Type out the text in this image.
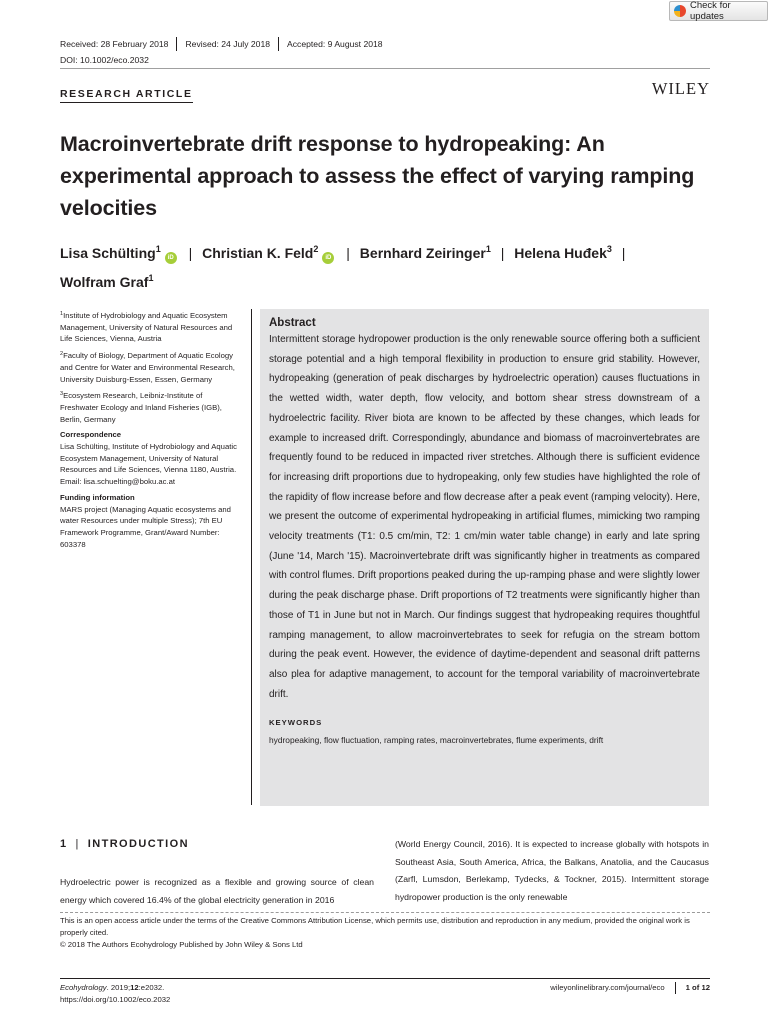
Check for updates
Received: 28 February 2018	Revised: 24 July 2018	Accepted: 9 August 2018
DOI: 10.1002/eco.2032
RESEARCH ARTICLE	WILEY
Macroinvertebrate drift response to hydropeaking: An experimental approach to assess the effect of varying ramping velocities
Lisa Schülting$^1$iD | Christian K. Feld$^2$iD | Bernhard Zeiringer$^1$ | Helena Huđek$^3$ |
Wolfram Graf$^1$

$^1$Institute of Hydrobiology and Aquatic Ecosystem Management, University of Natural Resources and Life Sciences, Vienna, Austria

$^2$Faculty of Biology, Department of Aquatic Ecology and Centre for Water and Environmental Research, University Duisburg-Essen, Essen, Germany

$^3$Ecosystem Research, Leibniz-Institute of Freshwater Ecology and Inland Fisheries (IGB), Berlin, Germany

Correspondence

Lisa Schülting, Institute of Hydrobiology and Aquatic Ecosystem Management, University of Natural Resources and Life Sciences, Vienna 1180, Austria.

Email: lisa.schuelting@boku.ac.at

Funding information

MARS project (Managing Aquatic ecosystems and water Resources under multiple Stress); 7th EU Framework Programme, Grant/Award Number: 603378

Abstract
Intermittent storage hydropower production is the only renewable source offering both a sufficient storage potential and a high temporal flexibility in production to ensure grid stability. However, hydropeaking (generation of peak discharges by hydroelectric operation) causes fluctuations in the wetted width, water depth, flow velocity, and bottom shear stress downstream of a hydroelectric facility. River biota are known to be affected by these changes, which leads for example to increased drift. Correspondingly, abundance and biomass of macroinvertebrates are frequently found to be reduced in impacted river stretches. Although there is sufficient evidence for increasing drift proportions due to hydropeaking, only few studies have highlighted the role of the rapidity of flow increase before and flow decrease after a peak event (ramping velocity). Here, we present the outcome of experimental hydropeaking in artificial flumes, mimicking two ramping velocity treatments (T1: 0.5 cm/min, T2: 1 cm/min water table change) in early and late spring (June '14, March '15). Macroinvertebrate drift was significantly higher in treatments as compared with control flumes. Drift proportions peaked during the up-ramping phase and were slightly lower during the peak discharge phase. Drift proportions of T2 treatments were significantly higher than those of T1 in June but not in March. Our findings suggest that hydropeaking requires thoughtful ramping management, to allow macroinvertebrates to seek for refugia on the stream bottom during the peak event. However, the evidence of daytime-dependent and seasonal drift patterns also plea for adaptive management, to account for the temporal variability of macroinvertebrate drift.
KEYWORDS
hydropeaking, flow fluctuation, ramping rates, macroinvertebrates, flume experiments, drift
1 | INTRODUCTION
Hydroelectric power is recognized as a flexible and growing source of clean energy which covered 16.4% of the global electricity generation in 2016
(World Energy Council, 2016). It is expected to increase globally with hotspots in Southeast Asia, South America, Africa, the Balkans, Anatolia, and the Caucasus (Zarfl, Lumsdon, Berlekamp, Tydecks, & Tockner, 2015). Intermittent storage hydropower production is the only renewable
This is an open access article under the terms of the Creative Commons Attribution License, which permits use, distribution and reproduction in any medium, provided the original work is properly cited.
© 2018 The Authors Ecohydrology Published by John Wiley & Sons Ltd
Ecohydrology. 2019;12:e2032.
https://doi.org/10.1002/eco.2032
wileyonlinelibrary.com/journal/eco	1 of 12
